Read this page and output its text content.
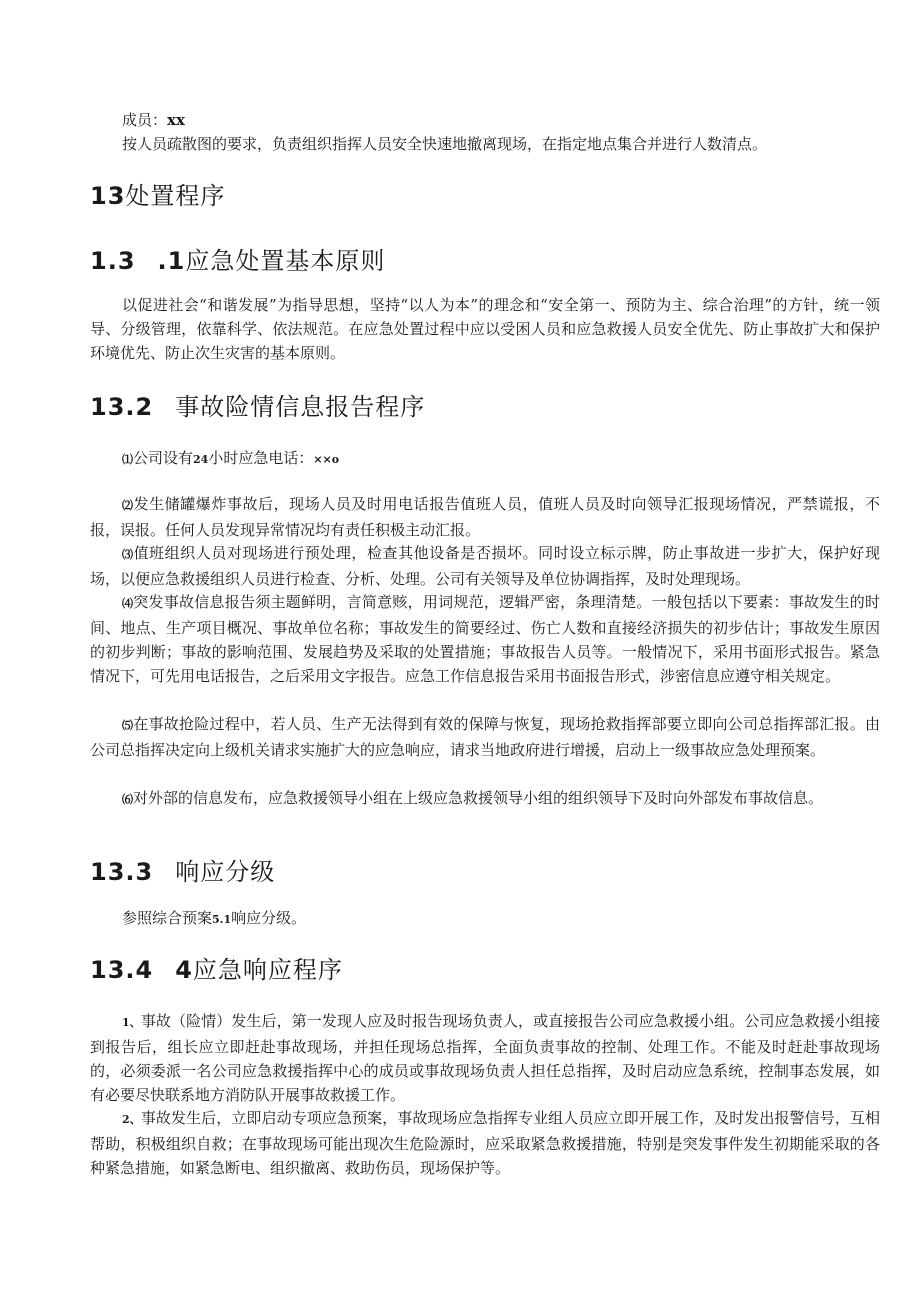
成员：xx

按人员疏散图的要求，负责组织指挥人员安全快速地撤离现场，在指定地点集合并进行人数清点。

13处置程序
1.3 .1应急处置基本原则

以促进社会“和谐发展”为指导思想，坚持“以人为本”的理念和“安全第一、预防为主、综合治理”的方针，统一领导、分级管理，依靠科学、依法规范。在应急处置过程中应以受困人员和应急救援人员安全优先、防止事故扩大和保护环境优先、防止次生灾害的基本原则。

13.2 事故险情信息报告程序

⑴公司设有24小时应急电话：××o

⑵发生储罐爆炸事故后，现场人员及时用电话报告值班人员，值班人员及时向领导汇报现场情况，严禁谎报，不报，误报。任何人员发现异常情况均有责任积极主动汇报。

⑶值班组织人员对现场进行预处理，检查其他设备是否损坏。同时设立标示牌，防止事故进一步扩大，保护好现场，以便应急救援组织人员进行检查、分析、处理。公司有关领导及单位协调指挥，及时处理现场。

⑷突发事故信息报告须主题鲜明，言简意赅，用词规范，逻辑严密，条理清楚。一般包括以下要素：事故发生的时间、地点、生产项目概况、事故单位名称；事故发生的简要经过、伤亡人数和直接经济损失的初步估计；事故发生原因的初步判断；事故的影响范围、发展趋势及采取的处置措施；事故报告人员等。一般情况下，采用书面形式报告。紧急情况下，可先用电话报告，之后采用文字报告。应急工作信息报告采用书面报告形式，涉密信息应遵守相关规定。

⑸在事故抢险过程中，若人员、生产无法得到有效的保障与恢复，现场抢救指挥部要立即向公司总指挥部汇报。由公司总指挥决定向上级机关请求实施扩大的应急响应，请求当地政府进行增援，启动上一级事故应急处理预案。

⑹对外部的信息发布，应急救援领导小组在上级应急救援领导小组的组织领导下及时向外部发布事故信息。

13.3 响应分级

参照综合预案5.1响应分级。

13.4 4应急响应程序

1、事故（险情）发生后，第一发现人应及时报告现场负责人，或直接报告公司应急救援小组。公司应急救援小组接到报告后，组长应立即赶赴事故现场，并担任现场总指挥，全面负责事故的控制、处理工作。不能及时赶赴事故现场的，必须委派一名公司应急救援指挥中心的成员或事故现场负责人担任总指挥，及时启动应急系统，控制事态发展，如有必要尽快联系地方消防队开展事故救援工作。

2、事故发生后，立即启动专项应急预案，事故现场应急指挥专业组人员应立即开展工作，及时发出报警信号，互相帮助，积极组织自救；在事故现场可能出现次生危险源时，应采取紧急救援措施，特别是突发事件发生初期能采取的各种紧急措施，如紧急断电、组织撤离、救助伤员，现场保护等。
